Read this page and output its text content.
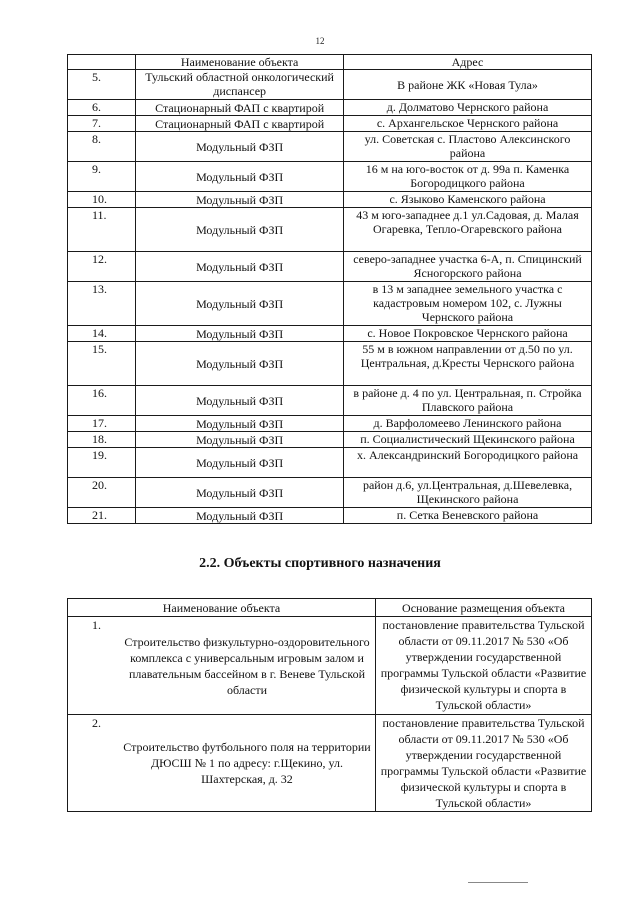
12
	Наименование объекта	Адрес
5.	Тульский областной онкологический диспансер	В районе ЖК «Новая Тула»
6.	Стационарный ФАП с квартирой	д. Долматово Чернского района
7.	Стационарный ФАП с квартирой	с. Архангельское Чернского района
8.	Модульный ФЗП	ул. Советская с. Пластово Алексинского района
9.	Модульный ФЗП	16 м на юго-восток от д. 99а п. Каменка Богородицкого района
10.	Модульный ФЗП	с. Языково Каменского района
11.	Модульный ФЗП	43 м юго-западнее д.1 ул.Садовая, д. Малая Огаревка, Тепло-Огаревского района
12.	Модульный ФЗП	северо-западнее участка 6-А, п. Спицинский Ясногорского района
13.	Модульный ФЗП	в 13 м западнее земельного участка с кадастровым номером 102, с. Лужны Чернского района
14.	Модульный ФЗП	с. Новое Покровское Чернского района
15.	Модульный ФЗП	55 м в южном направлении от д.50 по ул. Центральная, д.Кресты Чернского района
16.	Модульный ФЗП	в районе д. 4 по ул. Центральная, п. Стройка Плавского района
17.	Модульный ФЗП	д. Варфоломеево Ленинского района
18.	Модульный ФЗП	п. Социалистический Щекинского района
19.	Модульный ФЗП	х. Александринский Богородицкого района
20.	Модульный ФЗП	район д.6, ул.Центральная, д.Шевелевка, Щекинского района
21.	Модульный ФЗП	п. Сетка Веневского района
2.2. Объекты спортивного назначения
Наименование объекта		Основание размещения объекта
1.	Строительство физкультурно-оздоровительного комплекса с универсальным игровым залом и плавательным бассейном в г. Веневе Тульской области	постановление правительства Тульской области от 09.11.2017 № 530 «Об утверждении государственной программы Тульской области «Развитие физической культуры и спорта в Тульской области»
2.	Строительство футбольного поля на территории ДЮСШ № 1 по адресу: г.Щекино, ул. Шахтерская, д. 32	постановление правительства Тульской области от 09.11.2017 № 530 «Об утверждении государственной программы Тульской области «Развитие физической культуры и спорта в Тульской области»
